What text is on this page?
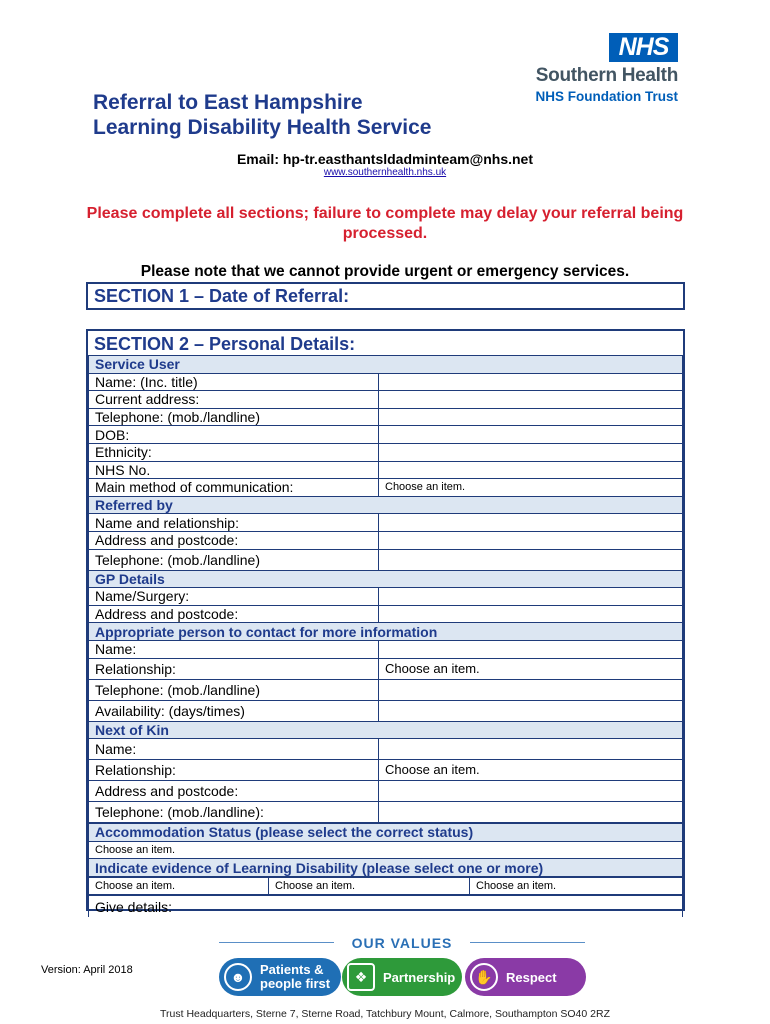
NHS
Southern Health
NHS Foundation Trust
Referral to East Hampshire
Learning Disability Health Service
Email: hp-tr.easthantsldadminteam@nhs.net
www.southernhealth.nhs.uk
Please complete all sections; failure to complete may delay your referral being processed.
Please note that we cannot provide urgent or emergency services.
SECTION 1 – Date of Referral:
SECTION 2 – Personal Details:
Service User	
Name: (Inc. title)	
Current address:	
Telephone: (mob./landline)	
DOB:	
Ethnicity:	
NHS No.	
Main method of communication:	Choose an item.
Referred by	
Name and relationship:	
Address and postcode:	
Telephone: (mob./landline)	
GP Details	
Name/Surgery:	
Address and postcode:	
Appropriate person to contact for more information	
Name:	
Relationship:	Choose an item.
Telephone: (mob./landline)	
Availability: (days/times)	
Next of Kin	
Name:	
Relationship:	Choose an item.
Address and postcode:	
Telephone: (mob./landline):	
Accommodation Status (please select the correct status)
Choose an item.
Indicate evidence of Learning Disability (please select one or more)
Choose an item.	Choose an item.	Choose an item.
Give details:
OUR VALUES
Version: April 2018	☻	Patients &
people first	❖	Partnership	✋	Respect
Trust Headquarters, Sterne 7, Sterne Road, Tatchbury Mount, Calmore, Southampton SO40 2RZ
